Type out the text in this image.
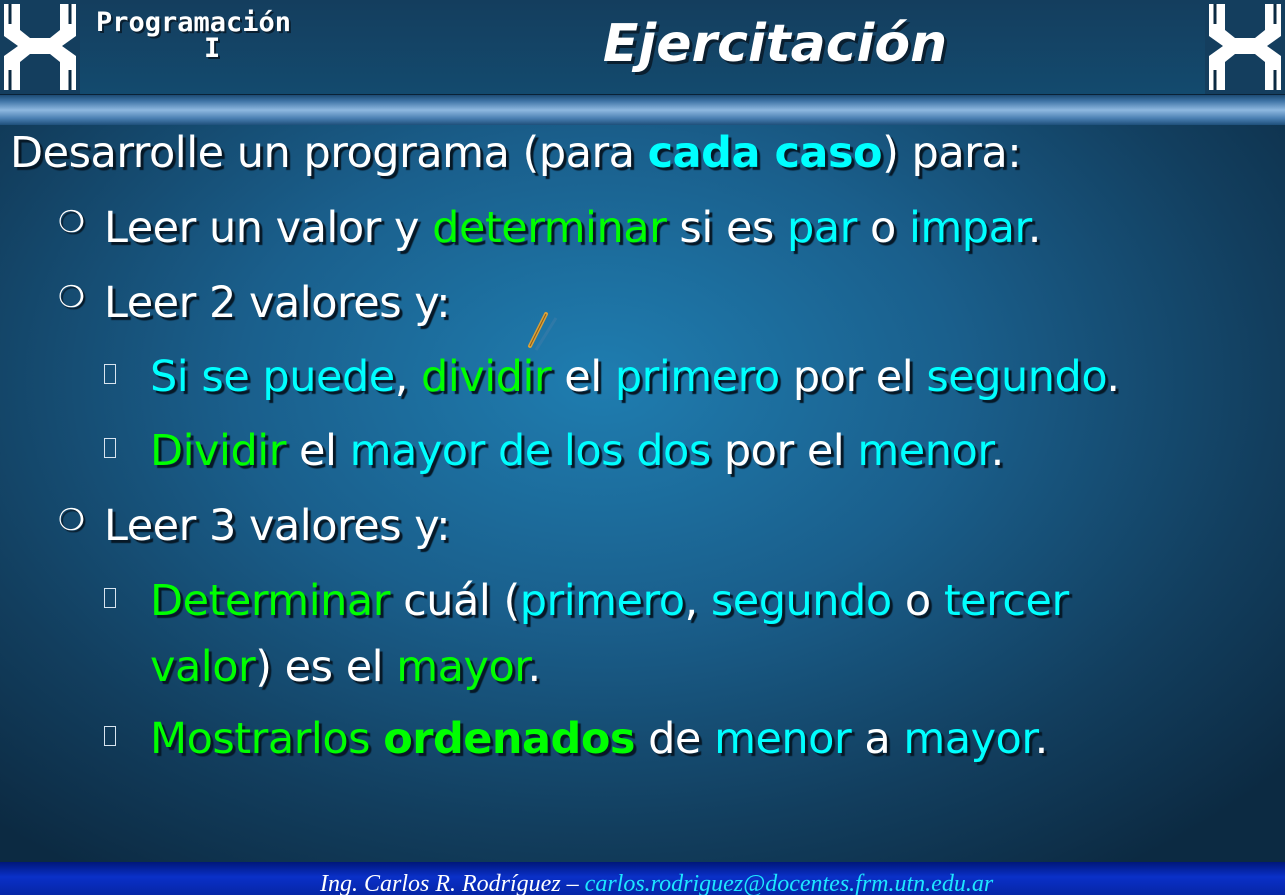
Programación
I	Ejercitación
Desarrolle un programa (para cada caso) para:
❍ Leer un valor y determinar si es par o impar.
❍ Leer 2 valores y:
Si se puede, dividir el primero por el segundo.
Dividir el mayor de los dos por el menor.
❍ Leer 3 valores y:
Determinar cuál (primero, segundo o tercer
valor) es el mayor.
Mostrarlos ordenados de menor a mayor.
Ing. Carlos R. Rodríguez – carlos.rodriguez@docentes.frm.utn.edu.ar
